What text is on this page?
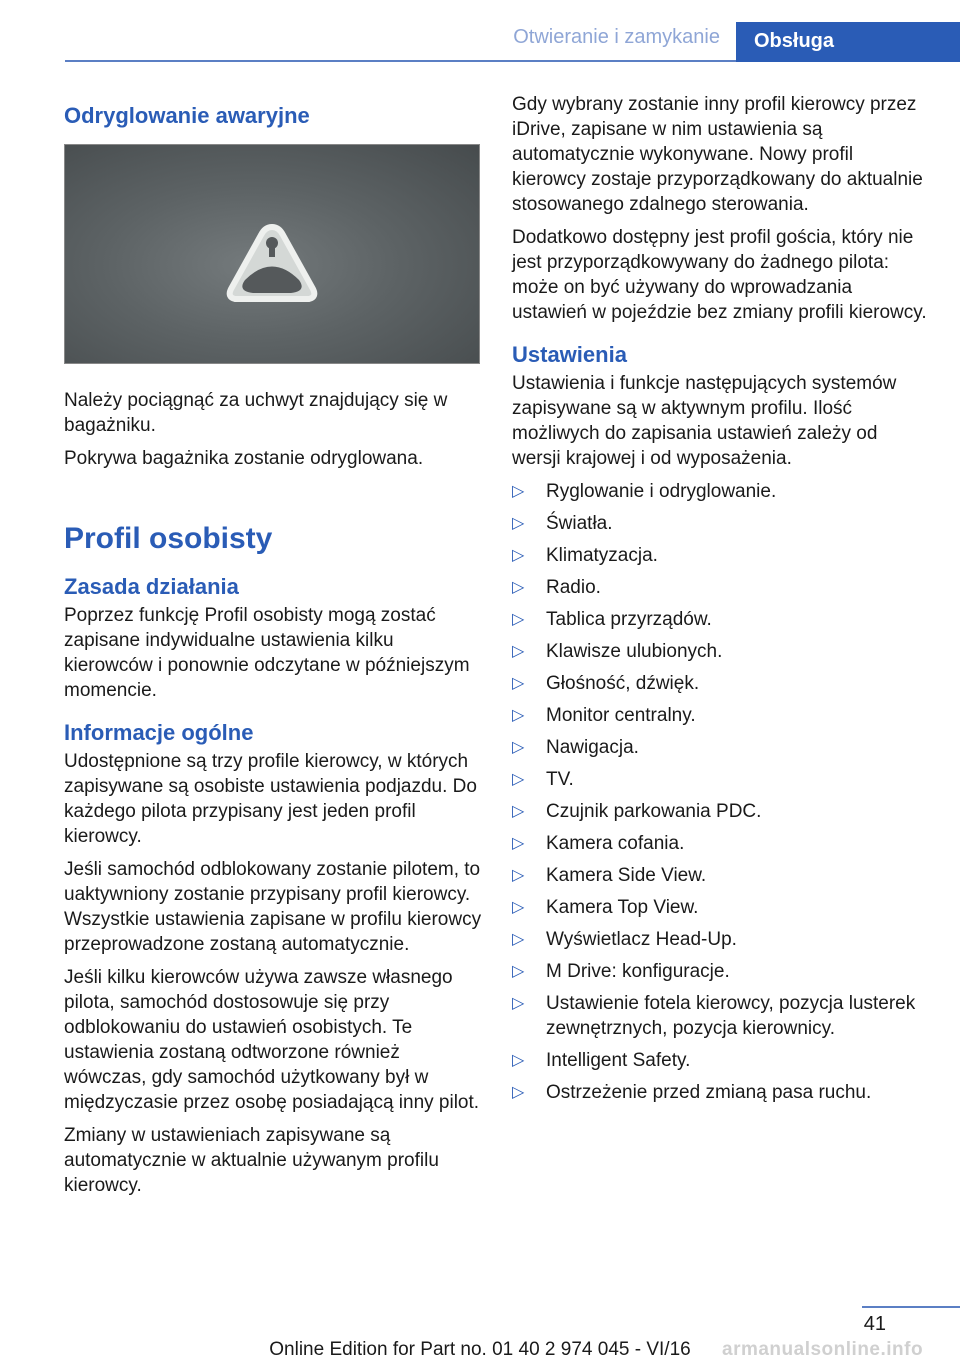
Otwieranie i zamykanie	Obsługa
Odryglowanie awaryjne

Należy pociągnąć za uchwyt znajdujący się w bagażniku.

Pokrywa bagażnika zostanie odryglowana.

Profil osobisty
Zasada działania

Poprzez funkcję Profil osobisty mogą zostać zapisane indywidualne ustawienia kilku kierowców i ponownie odczytane w późniejszym momencie.

Informacje ogólne

Udostępnione są trzy profile kierowcy, w których zapisywane są osobiste ustawienia podjazdu. Do każdego pilota przypisany jest jeden profil kierowcy.

Jeśli samochód odblokowany zostanie pilotem, to uaktywniony zostanie przypisany profil kierowcy. Wszystkie ustawienia zapisane w profilu kierowcy przeprowadzone zostaną automatycznie.

Jeśli kilku kierowców używa zawsze własnego pilota, samochód dostosowuje się przy odblokowaniu do ustawień osobistych. Te ustawienia zostaną odtworzone również wówczas, gdy samochód użytkowany był w międzyczasie przez osobę posiadającą inny pilot.

Zmiany w ustawieniach zapisywane są automatycznie w aktualnie używanym profilu kierowcy.

Gdy wybrany zostanie inny profil kierowcy przez iDrive, zapisane w nim ustawienia są automatycznie wykonywane. Nowy profil kierowcy zostaje przyporządkowany do aktualnie stosowanego zdalnego sterowania.

Dodatkowo dostępny jest profil gościa, który nie jest przyporządkowywany do żadnego pilota: może on być używany do wprowadzania ustawień w pojeździe bez zmiany profili kierowcy.

Ustawienia

Ustawienia i funkcje następujących systemów zapisywane są w aktywnym profilu. Ilość możliwych do zapisania ustawień zależy od wersji krajowej i od wyposażenia.

▷ Ryglowanie i odryglowanie.
▷ Światła.
▷ Klimatyzacja.
▷ Radio.
▷ Tablica przyrządów.
▷ Klawisze ulubionych.
▷ Głośność, dźwięk.
▷ Monitor centralny.
▷ Nawigacja.
▷ TV.
▷ Czujnik parkowania PDC.
▷ Kamera cofania.
▷ Kamera Side View.
▷ Kamera Top View.
▷ Wyświetlacz Head-Up.
▷ M Drive: konfiguracje.
▷ Ustawienie fotela kierowcy, pozycja lusterek zewnętrznych, pozycja kierownicy.
▷ Intelligent Safety.
▷ Ostrzeżenie przed zmianą pasa ruchu.
41
armanualsonline.info
Online Edition for Part no. 01 40 2 974 045 - VI/16
